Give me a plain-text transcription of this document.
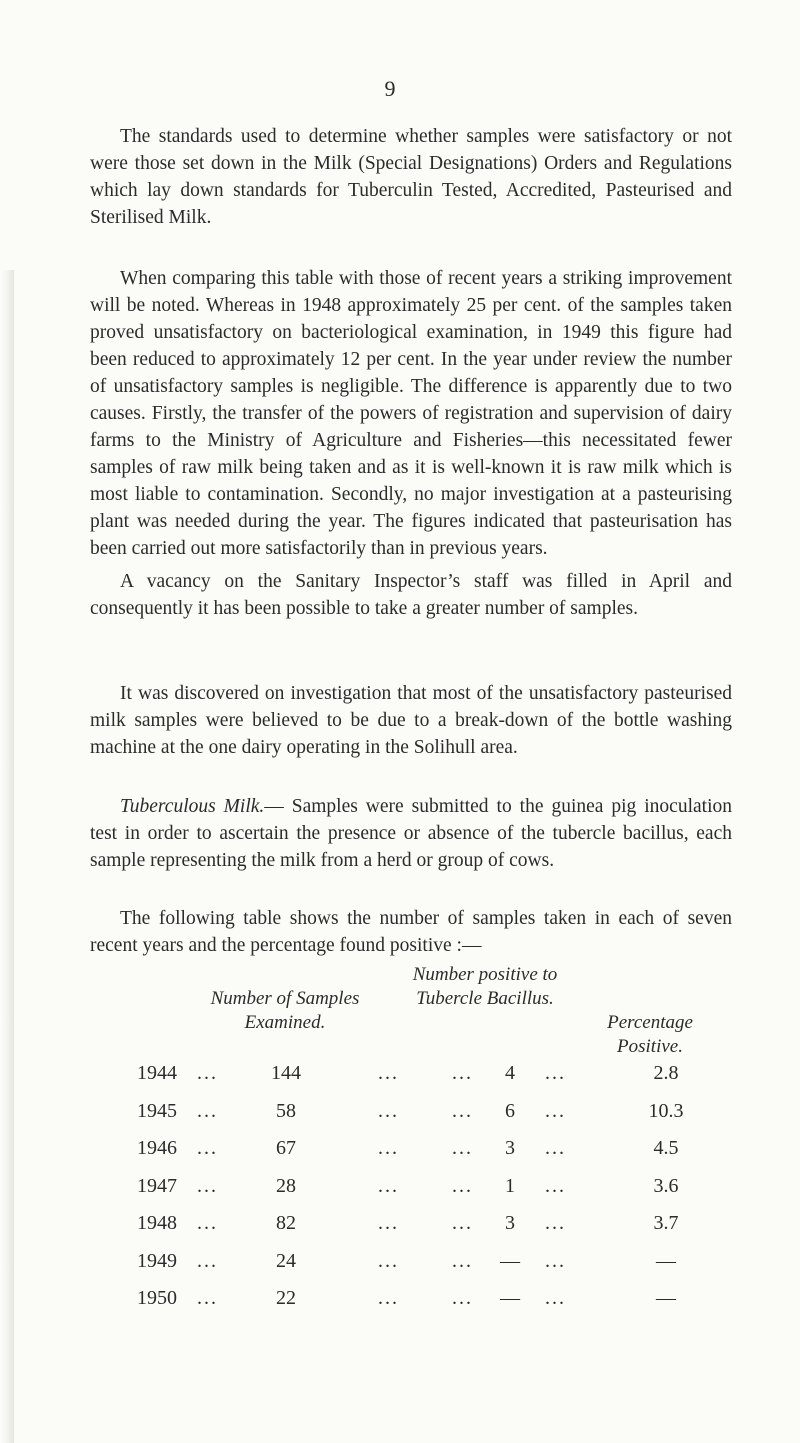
9

The standards used to determine whether samples were satisfactory or not were those set down in the Milk (Special Designations) Orders and Regulations which lay down standards for Tuberculin Tested, Accredited, Pasteurised and Sterilised Milk.

When comparing this table with those of recent years a striking improvement will be noted. Whereas in 1948 approximately 25 per cent. of the samples taken proved unsatisfactory on bacteriological examination, in 1949 this figure had been reduced to approximately 12 per cent. In the year under review the number of unsatisfactory samples is negligible. The difference is apparently due to two causes. Firstly, the transfer of the powers of registration and supervision of dairy farms to the Ministry of Agriculture and Fisheries—this necessitated fewer samples of raw milk being taken and as it is well-known it is raw milk which is most liable to contamination. Secondly, no major investigation at a pasteurising plant was needed during the year. The figures indicated that pasteurisation has been carried out more satisfactorily than in previous years.

A vacancy on the Sanitary Inspector’s staff was filled in April and consequently it has been possible to take a greater number of samples.

It was discovered on investigation that most of the unsatisfactory pasteurised milk samples were believed to be due to a break-down of the bottle washing machine at the one dairy operating in the Solihull area.

Tuberculous Milk.— Samples were submitted to the guinea pig inoculation test in order to ascertain the presence or absence of the tubercle bacillus, each sample representing the milk from a herd or group of cows.

The following table shows the number of samples taken in each of seven recent years and the percentage found positive :—

Number of Samples Examined.
Number positive to Tubercle Bacillus.
Percentage Positive.
1944 ...	144	...	...	4	...	2.8
1945 ...	58	...	...	6	...	10.3
1946 ...	67	...	...	3	...	4.5
1947 ...	28	...	...	1	...	3.6
1948 ...	82	...	...	3	...	3.7
1949 ...	24	...	...	—	...	—
1950 ...	22	...	...	—	...	—
